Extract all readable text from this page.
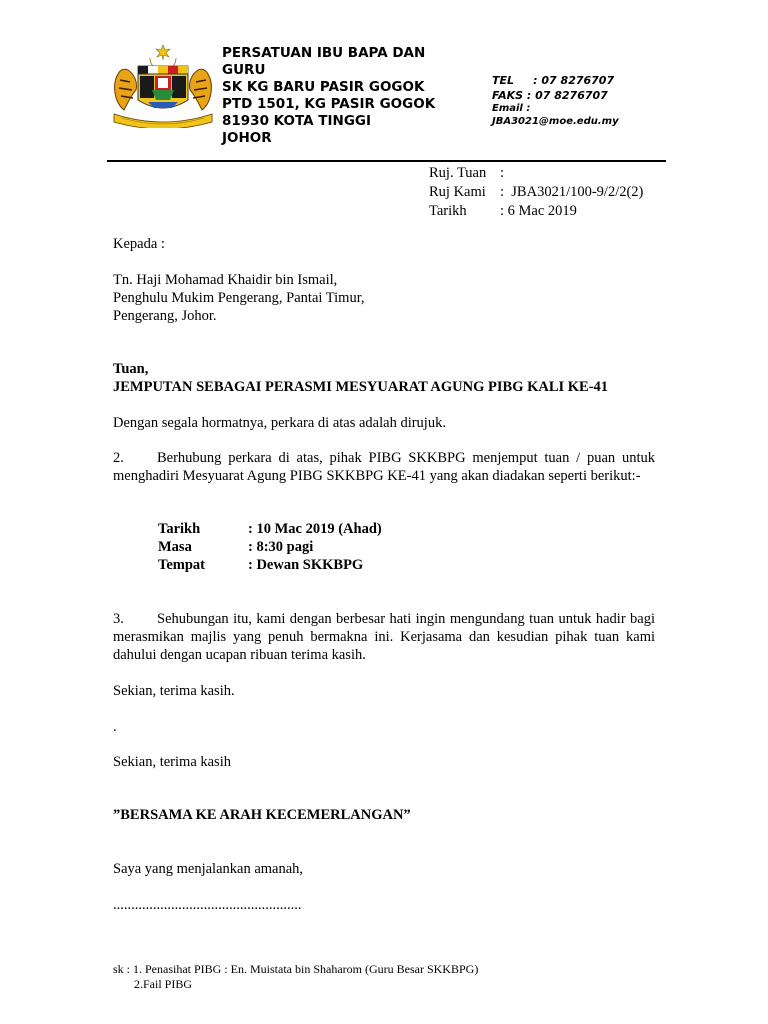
PERSATUAN IBU BAPA DAN GURU
SK KG BARU PASIR GOGOK
PTD 1501, KG PASIR GOGOK
81930 KOTA TINGGI
JOHOR
TEL     : 07 8276707
FAKS : 07 8276707
Email :
JBA3021@moe.edu.my
Ruj. Tuan :
Ruj Kami :  JBA3021/100-9/2/2(2)
Tarikh	: 6 Mac 2019
Kepada :
Tn. Haji Mohamad Khaidir bin Ismail,
Penghulu Mukim Pengerang, Pantai Timur,
Pengerang, Johor.
Tuan,
JEMPUTAN SEBAGAI PERASMI MESYUARAT AGUNG PIBG KALI KE-41
Dengan segala hormatnya, perkara di atas adalah dirujuk.
2. Berhubung perkara di atas, pihak PIBG SKKBPG menjemput tuan / puan untuk menghadiri Mesyuarat Agung PIBG SKKBPG KE-41 yang akan diadakan seperti berikut:-
Tarikh	: 10 Mac 2019 (Ahad)
Masa	: 8:30 pagi
Tempat	: Dewan SKKBPG
3. Sehubungan itu, kami dengan berbesar hati ingin mengundang tuan untuk hadir bagi merasmikan majlis yang penuh bermakna ini. Kerjasama dan kesudian pihak tuan kami dahului dengan ucapan ribuan terima kasih.
Sekian, terima kasih.
.
Sekian, terima kasih
”BERSAMA KE ARAH KECEMERLANGAN”
Saya yang menjalankan amanah,
....................................................
sk : 1. Penasihat PIBG : En. Muistata bin Shaharom (Guru Besar SKKBPG)
2.Fail PIBG
